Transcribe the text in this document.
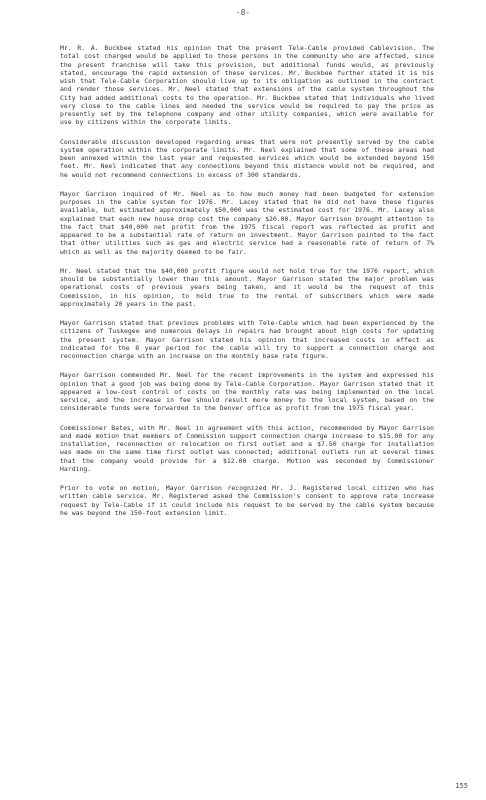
-8-

Mr. R. A. Buckbee stated his opinion that the present Tele-Cable provided Cablevision. The total cost charged would be applied to those persons in the community who are affected, since the present franchise will take this provision, but additional funds would, as previously stated, encourage the rapid extension of these services. Mr. Buckbee further stated it is his wish that Tele-Cable Corporation should live up to its obligation as outlined in the contract and render those services. Mr. Neel stated that extensions of the cable system throughout the City had added additional costs to the operation. Mr. Buckbee stated that individuals who lived very close to the cable lines and needed the service would be required to pay the price as presently set by the telephone company and other utility companies, which were available for use by citizens within the corporate limits.

Considerable discussion developed regarding areas that were not presently served by the cable system operation within the corporate limits. Mr. Neel explained that some of these areas had been annexed within the last year and requested services which would be extended beyond 150 feet. Mr. Neel indicated that any connections beyond this distance would not be required, and he would not recommend connections in excess of 300 standards.

Mayor Garrison inquired of Mr. Neel as to how much money had been budgeted for extension purposes in the cable system for 1976. Mr. Lacey stated that he did not have these figures available, but estimated approximately $50,000 was the estimated cost for 1976. Mr. Lacey also explained that each new house drop cost the company $20.00. Mayor Garrison brought attention to the fact that $40,000 net profit from the 1975 fiscal report was reflected as profit and appeared to be a substantial rate of return on investment. Mayor Garrison pointed to the fact that other utilities such as gas and electric service had a reasonable rate of return of 7% which as well as the majority deemed to be fair.

Mr. Neel stated that the $40,000 profit figure would not hold true for the 1976 report, which should be substantially lower than this amount. Mayor Garrison stated the major problem was operational costs of previous years being taken, and it would be the request of this Commission, in his opinion, to hold true to the rental of subscribers which were made approximately 20 years in the past.

Mayor Garrison stated that previous problems with Tele-Cable which had been experienced by the citizens of Tuskegee and numerous delays in repairs had brought about high costs for updating the present system. Mayor Garrison stated his opinion that increased costs in effect as indicated for the 8 year period for the cable will try to support a connection charge and reconnection charge with an increase on the monthly base rate figure.

Mayor Garrison commended Mr. Neel for the recent improvements in the system and expressed his opinion that a good job was being done by Tele-Cable Corporation. Mayor Garrison stated that it appeared a low-cost control of costs on the monthly rate was being implemented on the local service, and the increase in fee should result more money to the local system, based on the considerable funds were forwarded to the Denver office as profit from the 1975 fiscal year.

Commissioner Bates, with Mr. Neel in agreement with this action, recommended by Mayor Garrison and made motion that members of Commission support connection charge increase to $15.00 for any installation, reconnection or relocation on first outlet and a $7.50 charge for installation was made on the same time first outlet was connected; additional outlets run at several times that the company would provide for a $12.00 charge. Motion was seconded by Commissioner Harding.

Prior to vote on motion, Mayor Garrison recognized Mr. J. Registered local citizen who has written cable service. Mr. Registered asked the Commission's consent to approve rate increase request by Tele-Cable if it could include his request to be served by the cable system because he was beyond the 150-foot extension limit.

155
